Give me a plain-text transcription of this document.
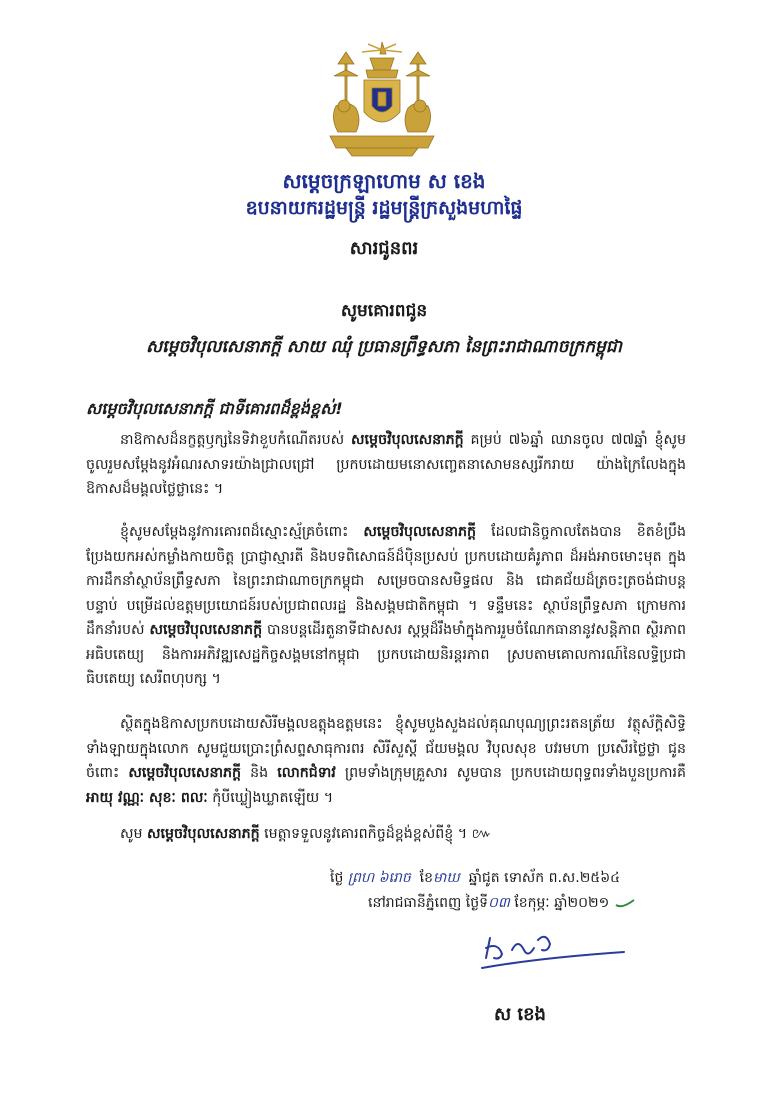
សម្តេចក្រឡាហោម ស ខេង
ឧបនាយករដ្ឋមន្ត្រី រដ្ឋមន្ត្រីក្រសួងមហាផ្ទៃ
សារជូនពរ
សូមគោរពជូន
សម្តេចវិបុលសេនាភក្តី សាយ ឈុំ ប្រធានព្រឹទ្ធសភា នៃព្រះរាជាណាចក្រកម្ពុជា
សម្តេចវិបុលសេនាភក្តី ជាទីគោរពដ៏ខ្ពង់ខ្ពស់!

នាឱកាសដ៏នក្ខត្តឫក្សនៃទិវាខួបកំណើតរបស់ សម្តេចវិបុលសេនាភក្តី គម្រប់ ៧៦ឆ្នាំ ឈានចូល ៧៧ឆ្នាំ ខ្ញុំសូមចូលរួមសម្តែងនូវអំណរសាទរយ៉ាងជ្រាលជ្រៅ ប្រកបដោយមនោសញ្ចេតនាសោមនស្សរីករាយ យ៉ាងក្រៃលែងក្នុងឱកាសដ៏មង្គលថ្លៃថ្លានេះ ។

ខ្ញុំសូមសម្តែងនូវការគោរពដ៏ស្មោះស្ម័គ្រចំពោះ សម្តេចវិបុលសេនាភក្តី ដែលជានិច្ចកាលតែងបាន ខិតខំប្រឹងប្រែងយកអស់កម្លាំងកាយចិត្ត ប្រាជ្ញាស្មារតី និងបទពិសោធន៍ដ៏ប៉ិនប្រសប់ ប្រកបដោយគំរូភាព ដ៏អង់អាចមោះមុត ក្នុងការដឹកនាំស្ថាប័នព្រឹទ្ធសភា នៃព្រះរាជាណាចក្រកម្ពុជា សម្រេចបានសមិទ្ធផល និង ជោគជ័យដ៏ត្រចះត្រចង់ជាបន្តបន្ទាប់ បម្រើដល់ឧត្តមប្រយោជន៍របស់ប្រជាពលរដ្ឋ និងសង្គមជាតិកម្ពុជា ។ ទន្ទឹមនេះ ស្ថាប័នព្រឹទ្ធសភា ក្រោមការដឹកនាំរបស់ សម្តេចវិបុលសេនាភក្តី បានបន្តដើរតួនាទីជាសសរ ស្តម្ភដ៏រឹងមាំក្នុងការរួមចំណែកធានានូវសន្តិភាព ស្ថិរភាព អធិបតេយ្យ និងការអភិវឌ្ឍសេដ្ឋកិច្ចសង្គមនៅកម្ពុជា ប្រកបដោយនិរន្តរភាព ស្របតាមគោលការណ៍នៃលទ្ធិប្រជាធិបតេយ្យ សេរីពហុបក្ស ។

ស្ថិតក្នុងឱកាសប្រកបដោយសិរីមង្គលឧត្តុងឧត្តមនេះ ខ្ញុំសូមបួងសួងដល់គុណបុណ្យព្រះរតនត្រ័យ វត្ថុស័ក្តិសិទ្ធិទាំងឡាយក្នុងលោក សូមជួយប្រោះព្រំសព្ទសាធុការពរ សិរីសួស្តី ជ័យមង្គល វិបុលសុខ បវរមហា ប្រសើរថ្លៃថ្លា ជូនចំពោះ សម្តេចវិបុលសេនាភក្តី និង លោកជំទាវ ព្រមទាំងក្រុមគ្រួសារ សូមបាន ប្រកបដោយពុទ្ធពរទាំងបួនប្រការគឺ អាយុ វណ្ណៈ សុខៈ ពលៈ កុំបីឃ្លៀងឃ្លាតឡើយ ។

សូម សម្តេចវិបុលសេនាភក្តី មេត្តាទទួលនូវគោរពកិច្ចដ៏ខ្ពង់ខ្ពស់ពីខ្ញុំ ។ ៚
ថ្ងៃ ព្រហ ៦រោច ខែមាឃ ឆ្នាំជូត ទោស័ក ព.ស.២៥៦៤
នៅរាជធានីភ្នំពេញ ថ្ងៃទី០៣ ខែកុម្ភៈ ឆ្នាំ២០២១
ស ខេង
